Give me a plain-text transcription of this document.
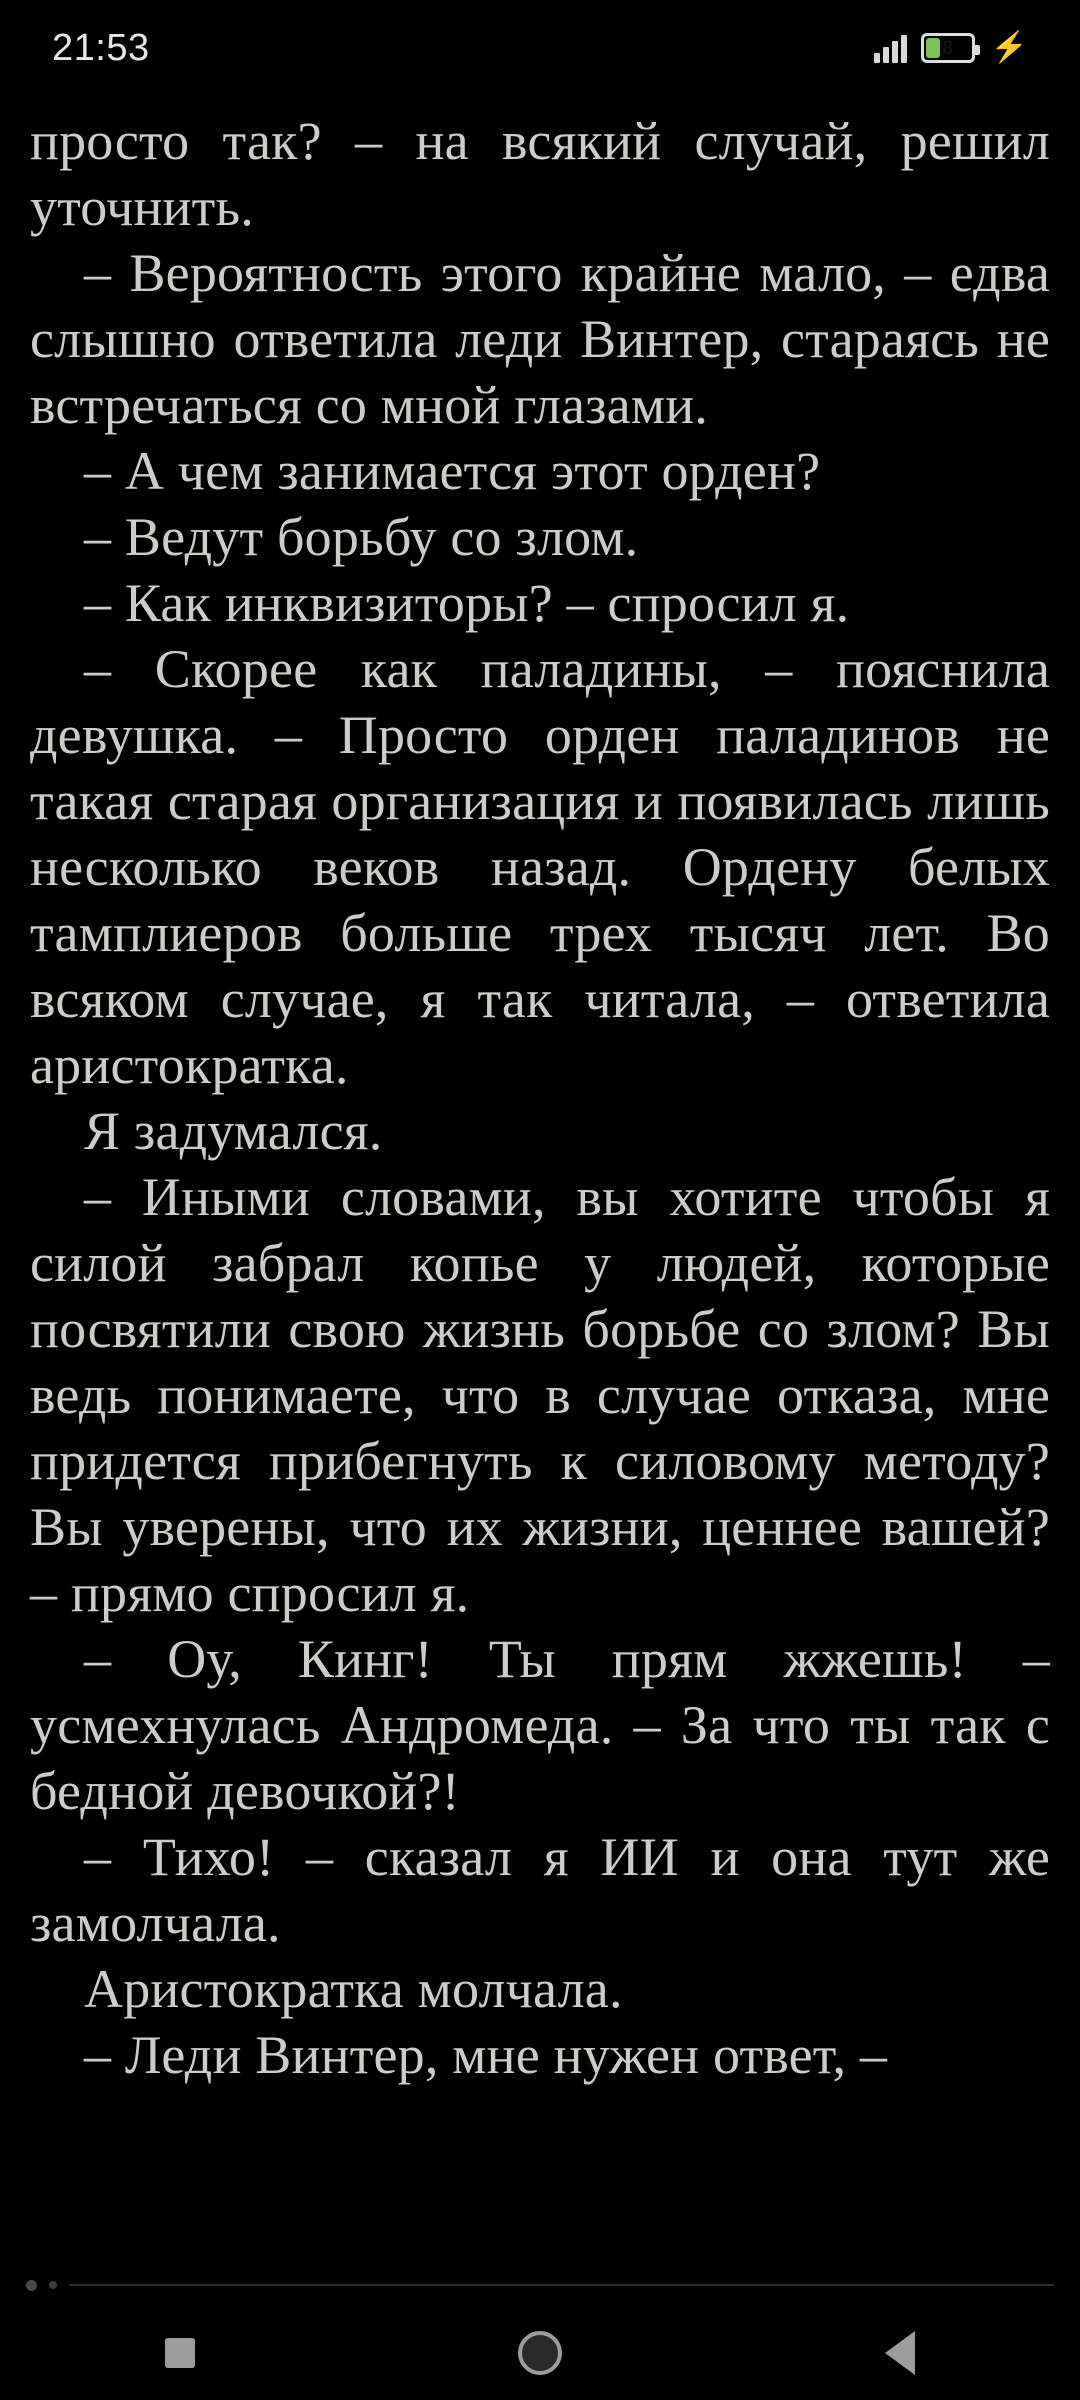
21:53	8 ⚡

просто так? – на всякий случай, решил уточнить.

– Вероятность этого крайне мало, – едва слышно ответила леди Винтер, стараясь не встречаться со мной глазами.

– А чем занимается этот орден?

– Ведут борьбу со злом.

– Как инквизиторы? – спросил я.

– Скорее как паладины, – пояснила девушка. – Просто орден паладинов не такая старая организация и появилась лишь несколько веков назад. Ордену белых тамплиеров больше трех тысяч лет. Во всяком случае, я так читала, – ответила аристократка.

Я задумался.

– Иными словами, вы хотите чтобы я силой забрал копье у людей, которые посвятили свою жизнь борьбе со злом? Вы ведь понимаете, что в случае отказа, мне придется прибегнуть к силовому методу? Вы уверены, что их жизни, ценнее вашей? – прямо спросил я.

– Оу, Кинг! Ты прям жжешь! – усмехнулась Андромеда. – За что ты так с бедной девочкой?!

– Тихо! – сказал я ИИ и она тут же замолчала.

Аристократка молчала.

– Леди Винтер, мне нужен ответ, –
